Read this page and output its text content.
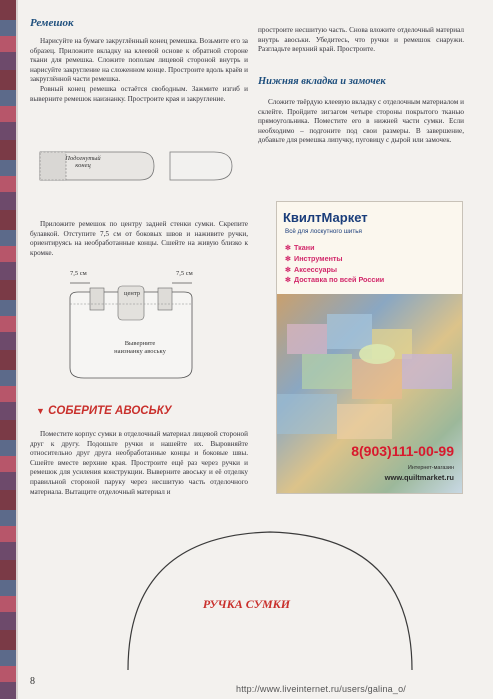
Ремешок

Нарисуйте на бумаге закруглённый конец ремешка. Возьмите его за образец. Приложите вкладку на клеевой основе к обратной стороне ткани для ремешка. Сложите пополам лицевой стороной внутрь и нарисуйте закругление на сложенном конце. Простроите вдоль краёв и закруглённой части ремешка.

Ровный конец ремешка остаётся свободным. Зажмите изгиб и выверните ремешок наизнанку. Простроите края и закругление.

Подогнутый конец

Приложите ремешок по центру задней стенки сумки. Скрепите булавкой. Отступите 7,5 см от боковых швов и наживите ручки, ориентируясь на необработанные концы. Сшейте на живую близко к кромке.

7,5 см	7,5 см
центр
Выверните
наизнанку авоську
▼ СОБЕРИТЕ АВОСЬКУ

Поместите корпус сумки в отделочный материал лицевой стороной друг к другу. Подошьте ручки и нашейте их. Выровняйте относительно друг друга необработанные концы и боковые швы. Сшейте вместе верхние края. Простроите ещё раз через ручки и ремешок для усиления конструкции. Выверните авоську и её отделку правильной стороной паруку через несшитую часть отделочного материала. Вытащите отделочный материал и

простроите несшитую часть. Снова вложите отделочный материал внутрь авоськи. Убедитесь, что ручки и ремешок снаружи. Разгладьте верхний край. Простроите.

Нижняя вкладка и замочек

Сложите твёрдую клеевую вкладку с отделочным материалом и склейте. Пройдите зигзагом четыре стороны покрытого тканью прямоугольника. Поместите его в нижней части сумки. Если необходимо – подгоните под свои размеры. В завершение, добавьте для ремешка липучку, пуговицу с дырой или замочек.

КвилтМаркет
Всё для лоскутного шитья
✻ Ткани
✻ Инструменты
✻ Аксессуары
✻ Доставка по всей России
8(903)111-00-99
Интернет-магазин
www.quiltmarket.ru
РУЧКА СУМКИ
8
http://www.liveinternet.ru/users/galina_o/
